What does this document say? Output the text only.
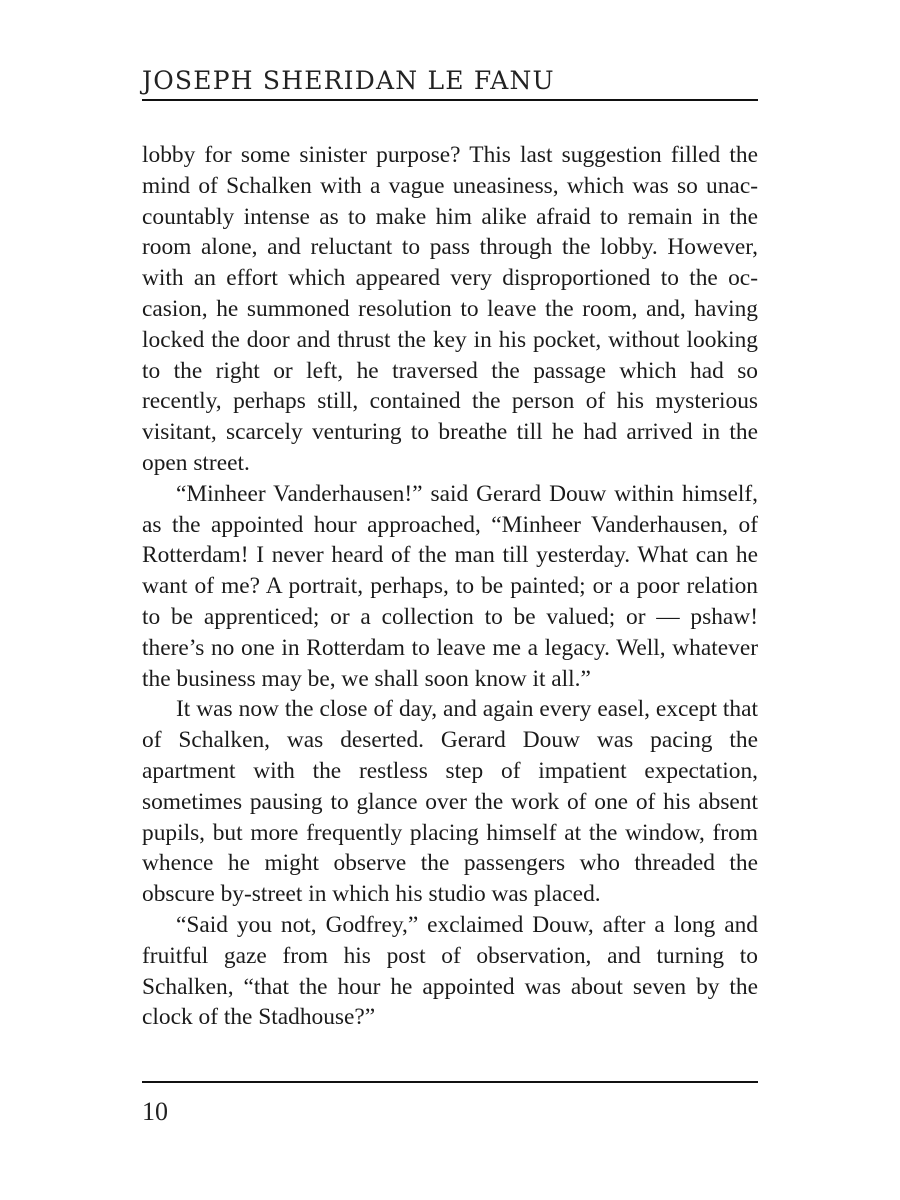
JOSEPH SHERIDAN LE FANU

lobby for some sinister purpose? This last suggestion filled the mind of Schalken with a vague uneasiness, which was so unaccountably intense as to make him alike afraid to remain in the room alone, and reluctant to pass through the lobby. However, with an effort which appeared very disproportioned to the occasion, he summoned resolution to leave the room, and, having locked the door and thrust the key in his pocket, without looking to the right or left, he traversed the passage which had so recently, perhaps still, contained the person of his mysterious visitant, scarcely venturing to breathe till he had arrived in the open street.

“Minheer Vanderhausen!” said Gerard Douw within himself, as the appointed hour approached, “Minheer Vanderhausen, of Rotterdam! I never heard of the man till yesterday. What can he want of me? A portrait, perhaps, to be painted; or a poor relation to be apprenticed; or a collection to be valued; or — pshaw! there’s no one in Rotterdam to leave me a legacy. Well, whatever the business may be, we shall soon know it all.”

It was now the close of day, and again every easel, except that of Schalken, was deserted. Gerard Douw was pacing the apartment with the restless step of impatient expectation, sometimes pausing to glance over the work of one of his absent pupils, but more frequently placing himself at the window, from whence he might observe the passengers who threaded the obscure by-street in which his studio was placed.

“Said you not, Godfrey,” exclaimed Douw, after a long and fruitful gaze from his post of observation, and turning to Schalken, “that the hour he appointed was about seven by the clock of the Stadhouse?”

10
